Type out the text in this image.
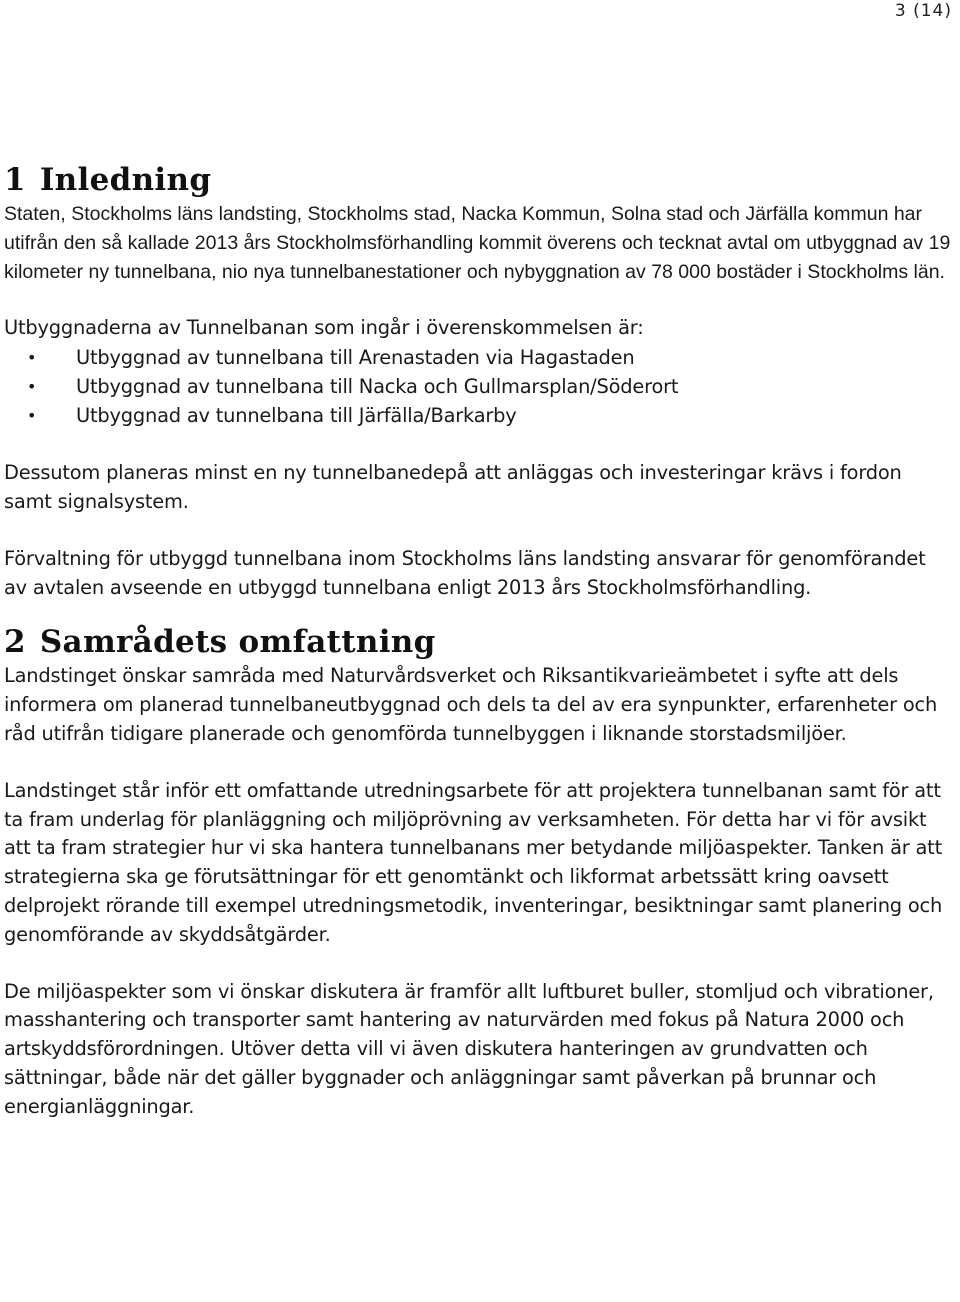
3 (14)
1 Inledning

Staten, Stockholms läns landsting, Stockholms stad, Nacka Kommun, Solna stad och Järfälla kommun har utifrån den så kallade 2013 års Stockholmsförhandling kommit överens och tecknat avtal om utbyggnad av 19 kilometer ny tunnelbana, nio nya tunnelbanestationer och nybyggnation av 78 000 bostäder i Stockholms län.

Utbyggnaderna av Tunnelbanan som ingår i överenskommelsen är:

• Utbyggnad av tunnelbana till Arenastaden via Hagastaden
• Utbyggnad av tunnelbana till Nacka och Gullmarsplan/Söderort
• Utbyggnad av tunnelbana till Järfälla/Barkarby

Dessutom planeras minst en ny tunnelbanedepå att anläggas och investeringar krävs i fordon samt signalsystem.

Förvaltning för utbyggd tunnelbana inom Stockholms läns landsting ansvarar för genomförandet av avtalen avseende en utbyggd tunnelbana enligt 2013 års Stockholmsförhandling.

2 Samrådets omfattning

Landstinget önskar samråda med Naturvårdsverket och Riksantikvarieämbetet i syfte att dels informera om planerad tunnelbaneutbyggnad och dels ta del av era synpunkter, erfarenheter och råd utifrån tidigare planerade och genomförda tunnelbyggen i liknande storstadsmiljöer.

Landstinget står inför ett omfattande utredningsarbete för att projektera tunnelbanan samt för att ta fram underlag för planläggning och miljöprövning av verksamheten. För detta har vi för avsikt att ta fram strategier hur vi ska hantera tunnelbanans mer betydande miljöaspekter. Tanken är att strategierna ska ge förutsättningar för ett genomtänkt och likformat arbetssätt kring oavsett delprojekt rörande till exempel utredningsmetodik, inventeringar, besiktningar samt planering och genomförande av skyddsåtgärder.

De miljöaspekter som vi önskar diskutera är framför allt luftburet buller, stomljud och vibrationer, masshantering och transporter samt hantering av naturvärden med fokus på Natura 2000 och artskyddsförordningen. Utöver detta vill vi även diskutera hanteringen av grundvatten och sättningar, både när det gäller byggnader och anläggningar samt påverkan på brunnar och energianläggningar.
